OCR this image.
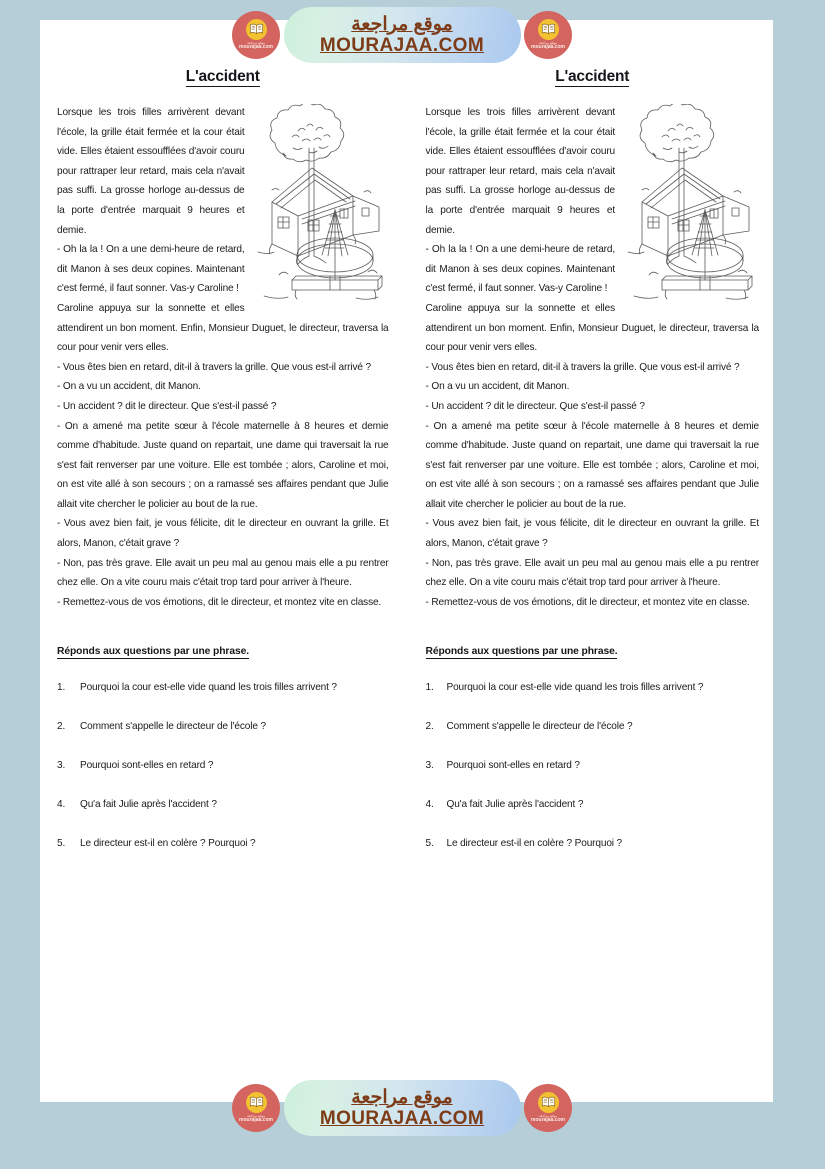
L'accident

Lorsque les trois filles arrivèrent devant l'école, la grille était fermée et la cour était vide. Elles étaient essoufflées d'avoir couru pour rattraper leur retard, mais cela n'avait pas suffi. La grosse horloge au-dessus de la porte d'entrée marquait 9 heures et demie.

- Oh la la ! On a une demi-heure de retard, dit Manon à ses deux copines. Maintenant c'est fermé, il faut sonner. Vas-y Caroline !

Caroline appuya sur la sonnette et elles attendirent un bon moment. Enfin, Monsieur Duguet, le directeur, traversa la cour pour venir vers elles.

- Vous êtes bien en retard, dit-il à travers la grille. Que vous est-il arrivé ?

- On a vu un accident, dit Manon.

- Un accident ? dit le directeur. Que s'est-il passé ?

- On a amené ma petite sœur à l'école maternelle à 8 heures et demie comme d'habitude. Juste quand on repartait, une dame qui traversait la rue s'est fait renverser par une voiture. Elle est tombée ; alors, Caroline et moi, on est vite allé à son secours ; on a ramassé ses affaires pendant que Julie allait vite chercher le policier au bout de la rue.

- Vous avez bien fait, je vous félicite, dit le directeur en ouvrant la grille. Et alors, Manon, c'était grave ?

- Non, pas très grave. Elle avait un peu mal au genou mais elle a pu rentrer chez elle. On a vite couru mais c'était trop tard pour arriver à l'heure.

- Remettez-vous de vos émotions, dit le directeur, et montez vite en classe.

Réponds aux questions par une phrase.
1.	Pourquoi la cour est-elle vide quand les trois filles arrivent ?
2.	Comment s'appelle le directeur de l'école ?
3.	Pourquoi sont-elles en retard ?
4.	Qu'a fait Julie après l'accident ?
5.	Le directeur est-il en colère ? Pourquoi ?
L'accident

Lorsque les trois filles arrivèrent devant l'école, la grille était fermée et la cour était vide. Elles étaient essoufflées d'avoir couru pour rattraper leur retard, mais cela n'avait pas suffi. La grosse horloge au-dessus de la porte d'entrée marquait 9 heures et demie.

- Oh la la ! On a une demi-heure de retard, dit Manon à ses deux copines. Maintenant c'est fermé, il faut sonner. Vas-y Caroline !

Caroline appuya sur la sonnette et elles attendirent un bon moment. Enfin, Monsieur Duguet, le directeur, traversa la cour pour venir vers elles.

- Vous êtes bien en retard, dit-il à travers la grille. Que vous est-il arrivé ?

- On a vu un accident, dit Manon.

- Un accident ? dit le directeur. Que s'est-il passé ?

- On a amené ma petite sœur à l'école maternelle à 8 heures et demie comme d'habitude. Juste quand on repartait, une dame qui traversait la rue s'est fait renverser par une voiture. Elle est tombée ; alors, Caroline et moi, on est vite allé à son secours ; on a ramassé ses affaires pendant que Julie allait vite chercher le policier au bout de la rue.

- Vous avez bien fait, je vous félicite, dit le directeur en ouvrant la grille. Et alors, Manon, c'était grave ?

- Non, pas très grave. Elle avait un peu mal au genou mais elle a pu rentrer chez elle. On a vite couru mais c'était trop tard pour arriver à l'heure.

- Remettez-vous de vos émotions, dit le directeur, et montez vite en classe.

Réponds aux questions par une phrase.
1.	Pourquoi la cour est-elle vide quand les trois filles arrivent ?
2.	Comment s'appelle le directeur de l'école ?
3.	Pourquoi sont-elles en retard ?
4.	Qu'a fait Julie après l'accident ?
5.	Le directeur est-il en colère ? Pourquoi ?
موقع مراجعة
mourajaa.com
موقع مراجعة
MOURAJAA.COM	موقع مراجعة
mourajaa.com
موقع مراجعة
mourajaa.com
موقع مراجعة
MOURAJAA.COM	موقع مراجعة
mourajaa.com
